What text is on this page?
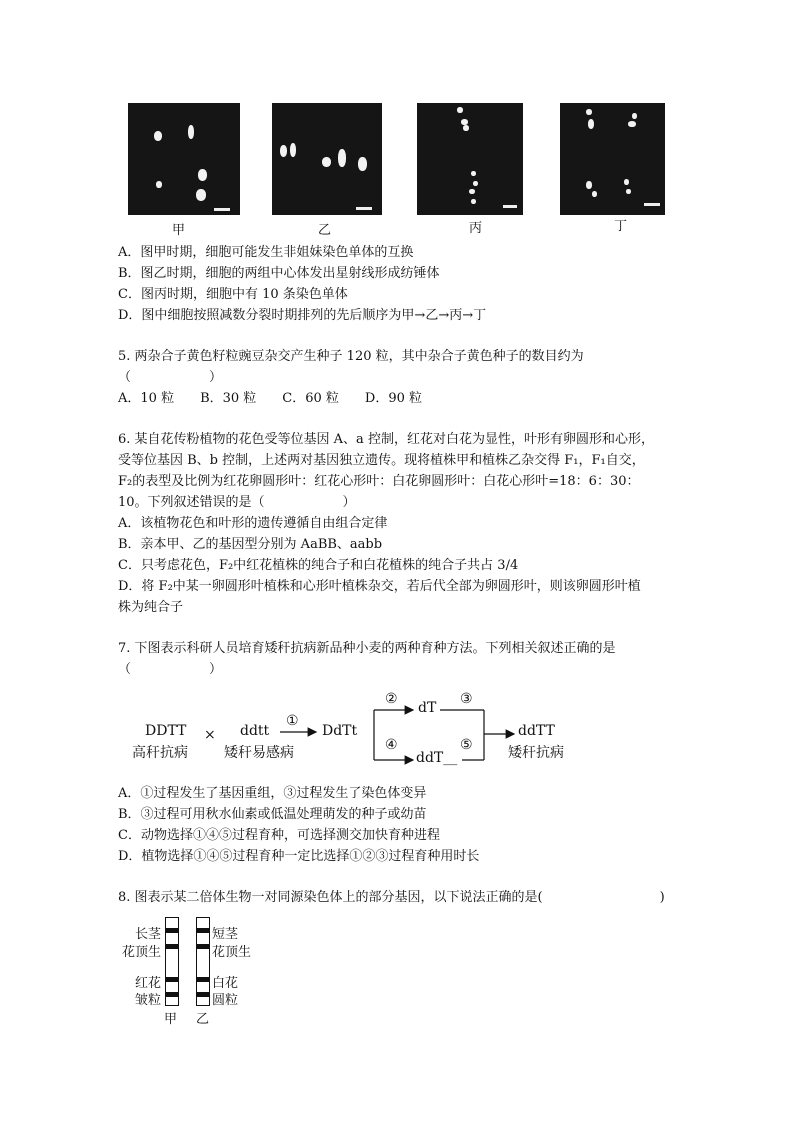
甲	乙	丙	丁
A．图甲时期，细胞可能发生非姐妹染色单体的互换
B．图乙时期，细胞的两组中心体发出星射线形成纺锤体
C．图丙时期，细胞中有 10 条染色单体
D．图中细胞按照减数分裂时期排列的先后顺序为甲→乙→丙→丁
5. 两杂合子黄色籽粒豌豆杂交产生种子 120 粒，其中杂合子黄色种子的数目约为
（　　　　　　）
A．10 粒　　B．30 粒　　C．60 粒　　D．90 粒
6. 某自花传粉植物的花色受等位基因 A、a 控制，红花对白花为显性，叶形有卵圆形和心形，
受等位基因 B、b 控制，上述两对基因独立遗传。现将植株甲和植株乙杂交得 F₁，F₁自交，
F₂的表型及比例为红花卵圆形叶：红花心形叶：白花卵圆形叶：白花心形叶=18：6：30：
10。下列叙述错误的是（　　　　　　）
A．该植物花色和叶形的遗传遵循自由组合定律
B．亲本甲、乙的基因型分别为 AaBB、aabb
C．只考虑花色，F₂中红花植株的纯合子和白花植株的纯合子共占 3/4
D．将 F₂中某一卵圆形叶植株和心形叶植株杂交，若后代全部为卵圆形叶，则该卵圆形叶植
株为纯合子
7. 下图表示科研人员培育矮秆抗病新品种小麦的两种育种方法。下列相关叙述正确的是
（　　　　　　）
DDTT
高秆抗病
× ddtt
矮秆易感病
①
DdTt
②
dT
③
④
ddT__
⑤
ddTT
矮秆抗病
A．①过程发生了基因重组，③过程发生了染色体变异
B．③过程可用秋水仙素或低温处理萌发的种子或幼苗
C．动物选择①④⑤过程育种，可选择测交加快育种进程
D．植物选择①④⑤过程育种一定比选择①②③过程育种用时长
8. 图表示某二倍体生物一对同源染色体上的部分基因，以下说法正确的是(　　　　　　　　　)
长茎
花顶生
红花
皱粒
短茎
花顶生
白花
圆粒
甲 乙
